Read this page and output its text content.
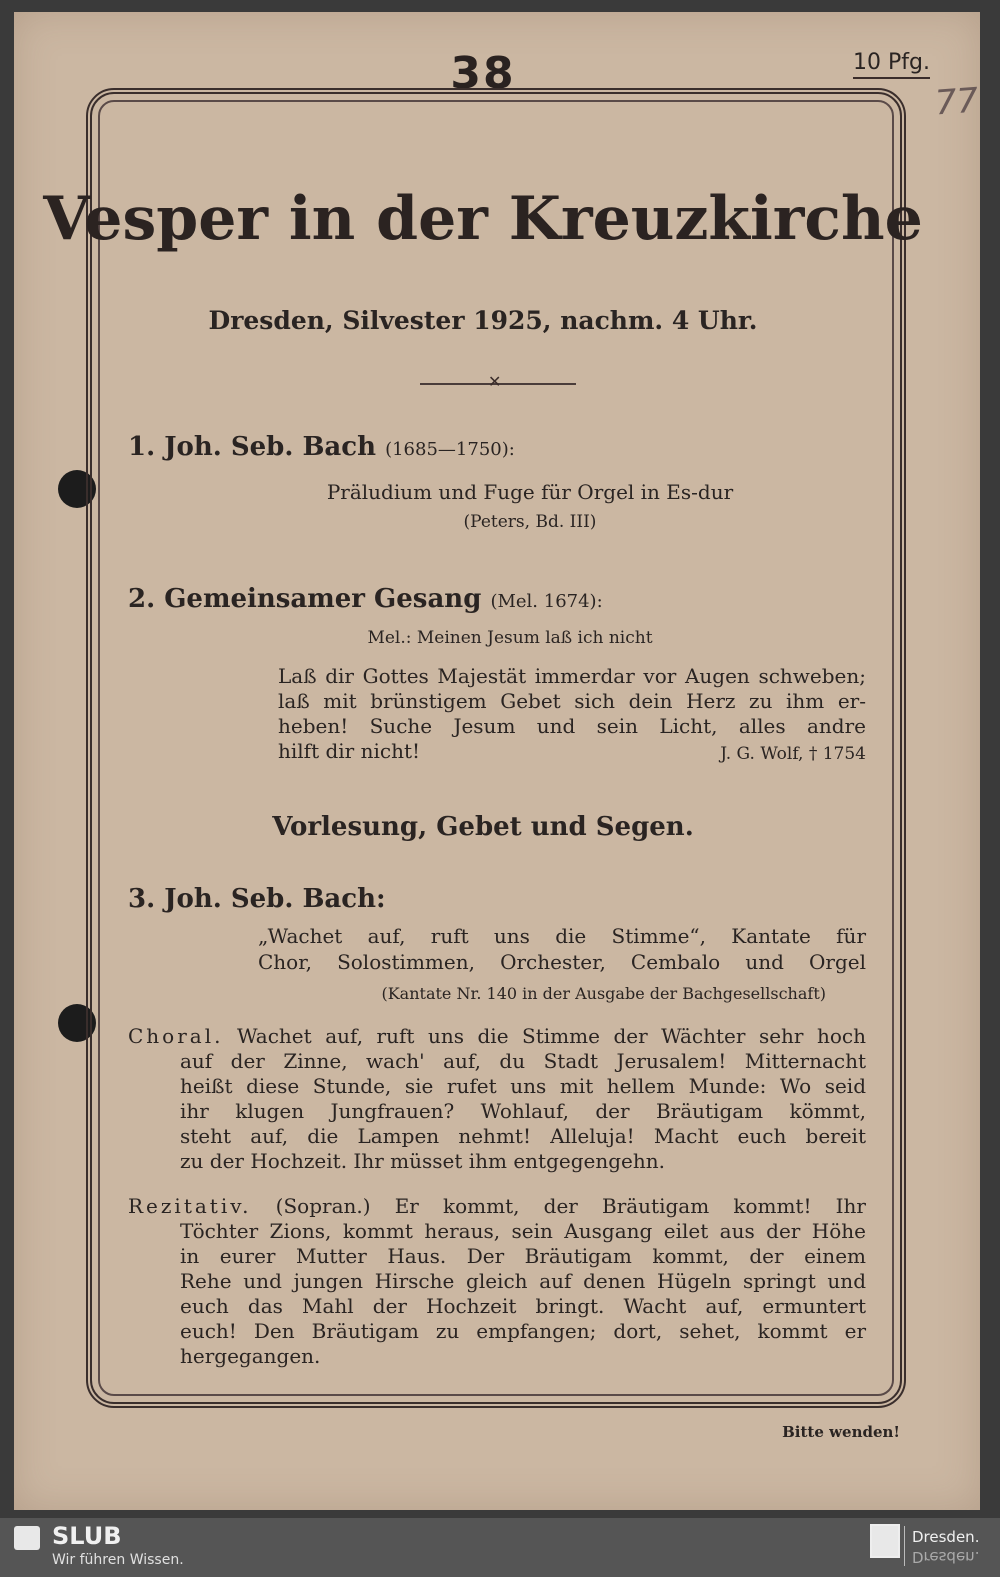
38	10 Pfg.
77
Vesper in der Kreuzkirche
Dresden, Silvester 1925, nachm. 4 Uhr.
✕
1. Joh. Seb. Bach (1685—1750):
Präludium und Fuge für Orgel in Es-dur
(Peters, Bd. III)
2. Gemeinsamer Gesang (Mel. 1674):
Mel.: Meinen Jesum laß ich nicht
Laß dir Gottes Majestät immerdar vor Augen schweben;
laß mit brünstigem Gebet sich dein Herz zu ihm er-
heben! Suche Jesum und sein Licht, alles andre
hilft dir nicht!	J. G. Wolf, † 1754
Vorlesung, Gebet und Segen.
3. Joh. Seb. Bach:
„Wachet auf, ruft uns die Stimme“, Kantate für
Chor, Solostimmen, Orchester, Cembalo und Orgel
(Kantate Nr. 140 in der Ausgabe der Bachgesellschaft)
Choral. Wachet auf, ruft uns die Stimme der Wächter sehr hoch
auf der Zinne, wach' auf, du Stadt Jerusalem! Mitternacht
heißt diese Stunde, sie rufet uns mit hellem Munde: Wo seid
ihr klugen Jungfrauen? Wohlauf, der Bräutigam kömmt,
steht auf, die Lampen nehmt! Alleluja! Macht euch bereit
zu der Hochzeit. Ihr müsset ihm entgegengehn.
Rezitativ. (Sopran.) Er kommt, der Bräutigam kommt! Ihr
Töchter Zions, kommt heraus, sein Ausgang eilet aus der Höhe
in eurer Mutter Haus. Der Bräutigam kommt, der einem
Rehe und jungen Hirsche gleich auf denen Hügeln springt und
euch das Mahl der Hochzeit bringt. Wacht auf, ermuntert
euch! Den Bräutigam zu empfangen; dort, sehet, kommt er
hergegangen.
Bitte wenden!
SLUB
Wir führen Wissen.
Dresden.
Dresden.
